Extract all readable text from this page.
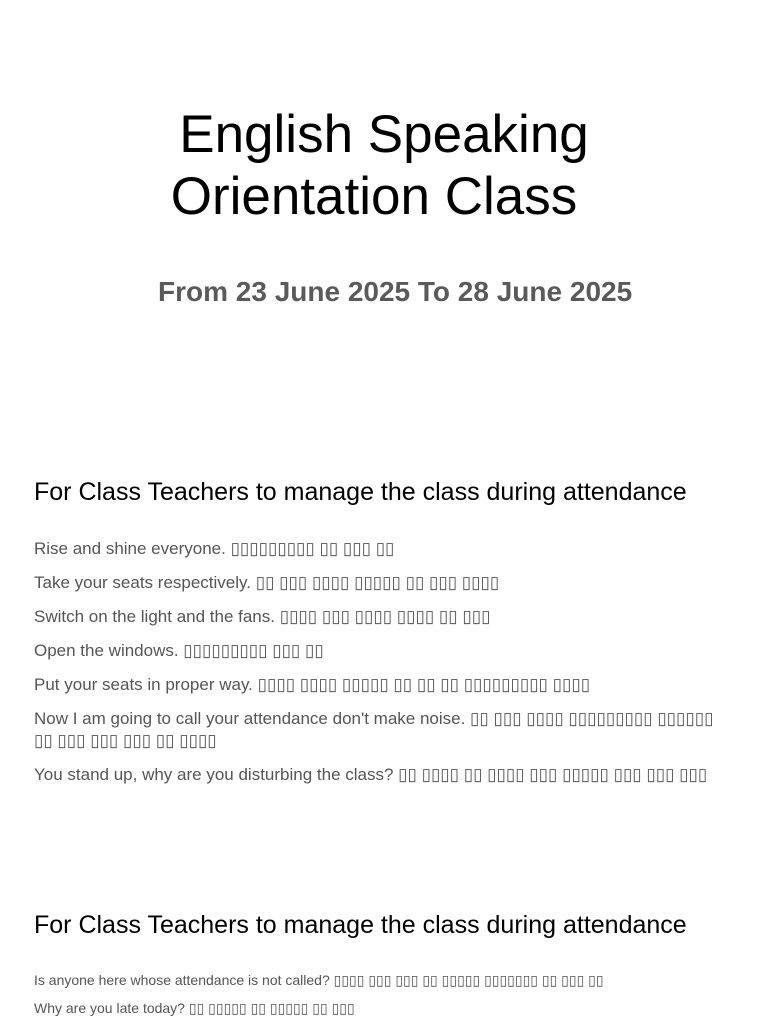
English Speaking
Orientation Class
From 23 June 2025 To 28 June 2025
For Class Teachers to manage the class during attendance
Rise and shine everyone. ▯▯▯▯▯▯▯▯▯ ▯▯ ▯▯▯ ▯▯
Take your seats respectively. ▯▯ ▯▯▯ ▯▯▯▯ ▯▯▯▯▯ ▯▯ ▯▯▯ ▯▯▯▯
Switch on the light and the fans. ▯▯▯▯ ▯▯▯ ▯▯▯▯ ▯▯▯▯ ▯▯ ▯▯▯
Open the windows. ▯▯▯▯▯▯▯▯▯ ▯▯▯ ▯▯
Put your seats in proper way. ▯▯▯▯ ▯▯▯▯ ▯▯▯▯▯ ▯▯ ▯▯ ▯▯ ▯▯▯▯▯▯▯▯▯ ▯▯▯▯
Now I am going to call your attendance don't make noise. ▯▯ ▯▯▯ ▯▯▯▯ ▯▯▯▯▯▯▯▯▯ ▯▯▯▯▯▯ ▯▯ ▯▯▯ ▯▯▯ ▯▯▯ ▯▯ ▯▯▯▯
You stand up, why are you disturbing the class? ▯▯ ▯▯▯▯ ▯▯ ▯▯▯▯ ▯▯▯ ▯▯▯▯▯ ▯▯▯ ▯▯▯ ▯▯▯
For Class Teachers to manage the class during attendance
Is anyone here whose attendance is not called? ▯▯▯▯ ▯▯▯ ▯▯▯ ▯▯ ▯▯▯▯▯ ▯▯▯▯▯▯▯ ▯▯ ▯▯▯ ▯▯
Why are you late today? ▯▯ ▯▯▯▯▯ ▯▯ ▯▯▯▯▯ ▯▯ ▯▯▯
